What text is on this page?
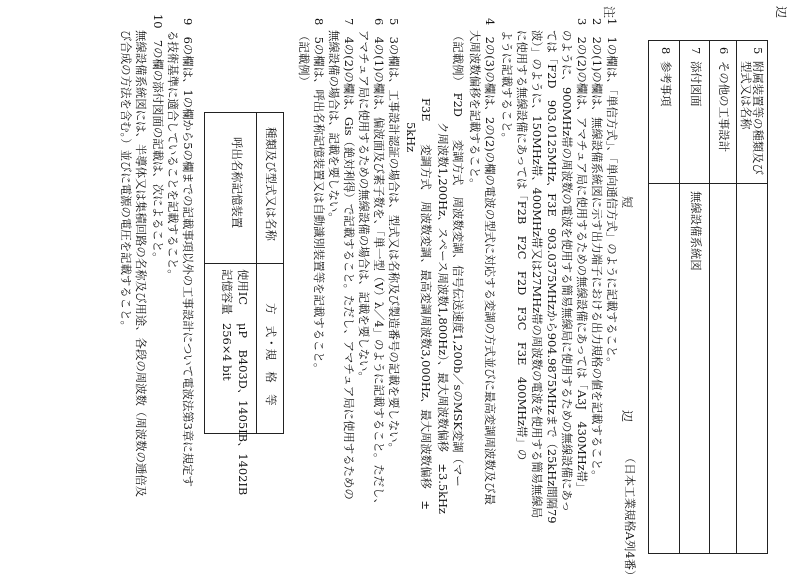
辺
5
附属装置等の種類及び型式又は名称
6
その他の工事設計
7
添付図面
無線設備系統図
8
参考事項
短
辺
（日本工業規格A列4番）
注
1　1の欄は、「単信方式」、「単向通信方式」のように記載すること。
2　2の(1)の欄は、無線設備系統図に示す出力端子における出力規格の値を記載すること。
3　2の(2)の欄は、アマチュア局に使用するための無線設備にあっては「A3J　430MHz帯」
のように、900MHz帯の周波数の電波を使用する簡易無線局に使用するための無線設備にあっ
ては「F2D　903.0125MHz、F3E　903.0375MHzから904.9875MHzまで（25kHz間隔79
波）」のように、150MHz帯、400MHz帯又は27MHz帯の周波数の電波を使用する簡易無線局
に使用する無線設備にあっては「F2B　F2C　F2D　F3C　F3E　400MHz帯」の
ように記載すること。
4　2の(3)の欄は、2の(2)の欄の電波の型式に対応する変調の方式並びに最高変調周波数及び最
大周波数偏移を記載すること。
（記載例）　F2D　　変調方式　周波数変調、信号伝送速度1,200b／sのMSK変調（マー
ク周波数1,200Hz、スペース周波数1,800Hz）、最大周波数偏移　±3.5kHz
F3E　　変調方式　周波数変調、最高変調周波数3,000Hz、最大周波数偏移　±
5kHz
5　3の欄は、工事設計認証の場合は、型式又は名称及び製造番号の記載を要しない。
6　4の(1)の欄は、偏波面及び素子数を、「単一型（V）λ／4」のように記載すること。ただし、
アマチュア局に使用するための無線設備の場合は、記載を要しない。
7　4の(2)の欄は、Gis（絶対利得）で記載すること。ただし、アマチュア局に使用するための
無線設備の場合は、記載を要しない。
8　5の欄は、呼出名称記憶装置又は自動識別装置等を記載すること。
（記載例）
種類及び型式又は名称
方　式・規　格　等
呼出名称記憶装置
使用IC
μP　B403D、1405IB、1402IB
記憶容量
256×4 bit
9　6の欄は、1の欄から5の欄までの記載事項以外の工事設計について電波法第3章に規定す
る技術基準に適合していることを記載すること。
10　7の欄の添付図面の記載は、次によること。
無線設備系統図には、半導体又は集積回路の名称及び用途、各段の周波数（周波数の逓倍及
び合成の方法を含む。）並びに電源の電圧を記載すること。
